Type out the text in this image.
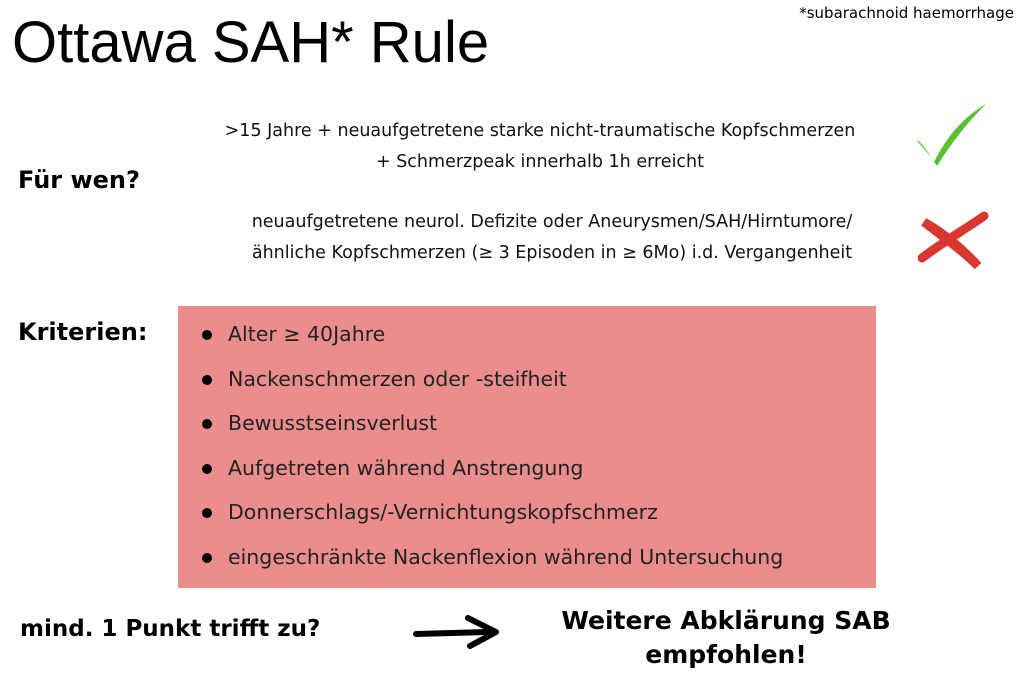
*subarachnoid haemorrhage
Ottawa SAH* Rule
Für wen?
>15 Jahre + neuaufgetretene starke nicht-traumatische Kopfschmerzen
+ Schmerzpeak innerhalb 1h erreicht
neuaufgetretene neurol. Defizite oder Aneurysmen/SAH/Hirntumore/
ähnliche Kopfschmerzen (≥ 3 Episoden in ≥ 6Mo) i.d. Vergangenheit
Kriterien:	Alter ≥ 40Jahre
Nackenschmerzen oder -steifheit
Bewusstseinsverlust
Aufgetreten während Anstrengung
Donnerschlags/-Vernichtungskopfschmerz
eingeschränkte Nackenflexion während Untersuchung
mind. 1 Punkt trifft zu?	Weitere Abklärung SAB
empfohlen!
